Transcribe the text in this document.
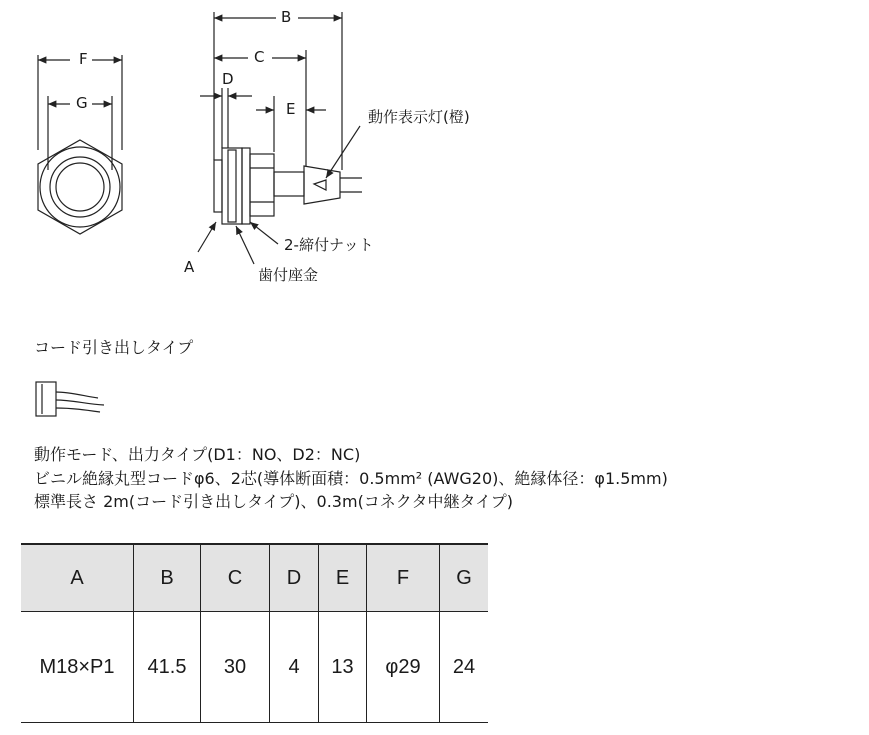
F
G
B
C
D
E	動作表示灯(橙)
2-締付ナット
歯付座金
A
コード引き出しタイプ
動作モード、出力タイプ(D1：NO、D2：NC)
ビニル絶縁丸型コードφ6、2芯(導体断面積：0.5mm² (AWG20)、絶縁体径：φ1.5mm)
標準長さ 2m(コード引き出しタイプ)、0.3m(コネクタ中継タイプ)
A	B	C	D	E	F	G
M18×P1	41.5	30	4	13	φ29	24
